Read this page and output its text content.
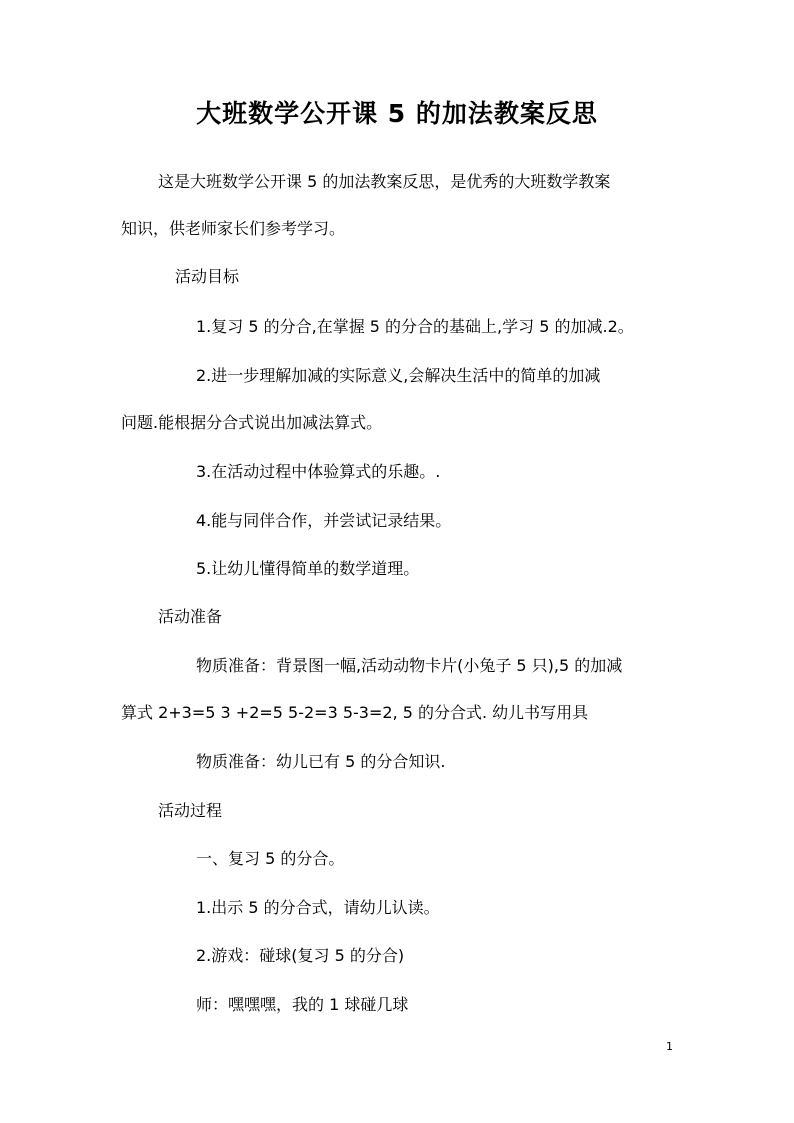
大班数学公开课 5 的加法教案反思

这是大班数学公开课 5 的加法教案反思，是优秀的大班数学教案

知识，供老师家长们参考学习。

活动目标

1.复习 5 的分合,在掌握 5 的分合的基础上,学习 5 的加减.2。

2.进一步理解加减的实际意义,会解决生活中的简单的加减

问题.能根据分合式说出加减法算式。

3.在活动过程中体验算式的乐趣。.

4.能与同伴合作，并尝试记录结果。

5.让幼儿懂得简单的数学道理。

活动准备

物质准备：背景图一幅,活动动物卡片(小兔子 5 只),5 的加减

算式 2+3=5 3 +2=5 5-2=3 5-3=2, 5 的分合式. 幼儿书写用具

物质准备：幼儿已有 5 的分合知识.

活动过程

一、复习 5 的分合。

1.出示 5 的分合式，请幼儿认读。

2.游戏：碰球(复习 5 的分合)

师：嘿嘿嘿，我的 1 球碰几球

1
